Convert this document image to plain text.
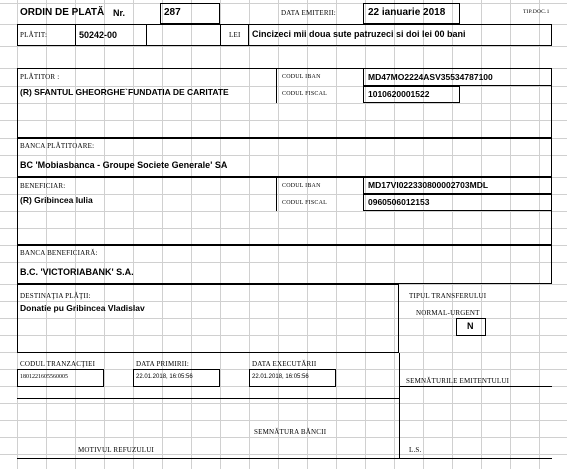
ORDIN DE PLATĂ Nr.	287	DATA EMITERII:	22 ianuarie 2018	TIP.DOC.1
PLĂTIT:	50242-00	LEI Cincizeci mii doua sute patruzeci si doi lei 00 bani
PLĂTITOR :
(R) SFANTUL GHEORGHE`FUNDATIA DE CARITATE
CODUL IBAN	MD47MO2224ASV35534787100
CODUL FISCAL	1010620001522
BANCA PLĂTITOARE:
BC 'Mobiasbanca - Groupe Societe Generale' SA
BENEFICIAR:
(R) Gribincea Iulia
CODUL IBAN	MD17VI022330800002703MDL
CODUL FISCAL	0960506012153
BANCA BENEFICIARĂ:
B.C. 'VICTORIABANK' S.A.
DESTINAŢIA PLĂŢII:
Donatie pu Gribincea Vladislav
TIPUL TRANSFERULUI
NORMAL-URGENT
N
CODUL TRANZACŢIEI
1801221605560005
DATA PRIMIRII:
22.01.2018, 16:05:56
DATA EXECUTĂRII
22.01.2018, 16:05:56	SEMNĂTURILE EMITENTULUI
SEMNĂTURA BĂNCII
MOTIVUL REFUZULUI	L.S.
